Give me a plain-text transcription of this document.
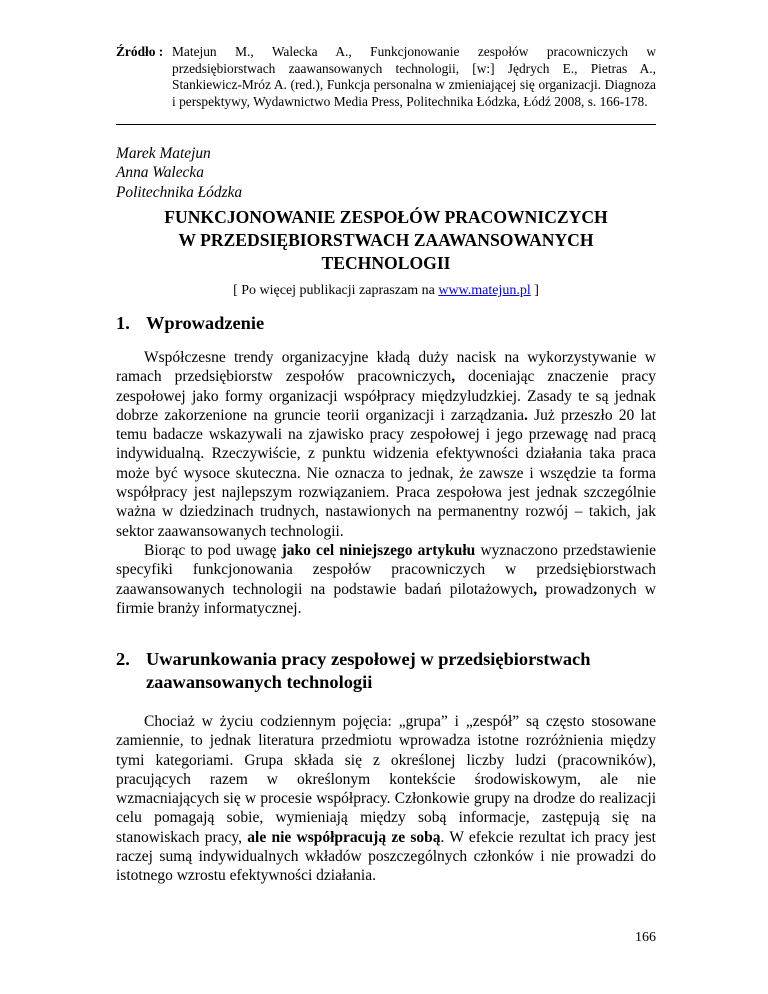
Źródło : Matejun M., Walecka A., Funkcjonowanie zespołów pracowniczych w przedsiębiorstwach zaawansowanych technologii, [w:] Jędrych E., Pietras A., Stankiewicz-Mróz A. (red.), Funkcja personalna w zmieniającej się organizacji. Diagnoza i perspektywy, Wydawnictwo Media Press, Politechnika Łódzka, Łódź 2008, s. 166-178.
Marek Matejun
Anna Walecka
Politechnika Łódzka
FUNKCJONOWANIE ZESPOŁÓW PRACOWNICZYCH
W PRZEDSIĘBIORSTWACH ZAAWANSOWANYCH
TECHNOLOGII
[ Po więcej publikacji zapraszam na www.matejun.pl ]
1. Wprowadzenie

Współczesne trendy organizacyjne kładą duży nacisk na wykorzystywanie w ramach przedsiębiorstw zespołów pracowniczych, doceniając znaczenie pracy zespołowej jako formy organizacji współpracy międzyludzkiej. Zasady te są jednak dobrze zakorzenione na gruncie teorii organizacji i zarządzania. Już przeszło 20 lat temu badacze wskazywali na zjawisko pracy zespołowej i jego przewagę nad pracą indywidualną. Rzeczywiście, z punktu widzenia efektywności działania taka praca może być wysoce skuteczna. Nie oznacza to jednak, że zawsze i wszędzie ta forma współpracy jest najlepszym rozwiązaniem. Praca zespołowa jest jednak szczególnie ważna w dziedzinach trudnych, nastawionych na permanentny rozwój – takich, jak sektor zaawansowanych technologii.

Biorąc to pod uwagę jako cel niniejszego artykułu wyznaczono przedstawienie specyfiki funkcjonowania zespołów pracowniczych w przedsiębiorstwach zaawansowanych technologii na podstawie badań pilotażowych, prowadzonych w firmie branży informatycznej.

2. Uwarunkowania pracy zespołowej w przedsiębiorstwach zaawansowanych technologii

Chociaż w życiu codziennym pojęcia: „grupa” i „zespół” są często stosowane zamiennie, to jednak literatura przedmiotu wprowadza istotne rozróżnienia między tymi kategoriami. Grupa składa się z określonej liczby ludzi (pracowników), pracujących razem w określonym kontekście środowiskowym, ale nie wzmacniających się w procesie współpracy. Członkowie grupy na drodze do realizacji celu pomagają sobie, wymieniają między sobą informacje, zastępują się na stanowiskach pracy, ale nie współpracują ze sobą. W efekcie rezultat ich pracy jest raczej sumą indywidualnych wkładów poszczególnych członków i nie prowadzi do istotnego wzrostu efektywności działania.

166
